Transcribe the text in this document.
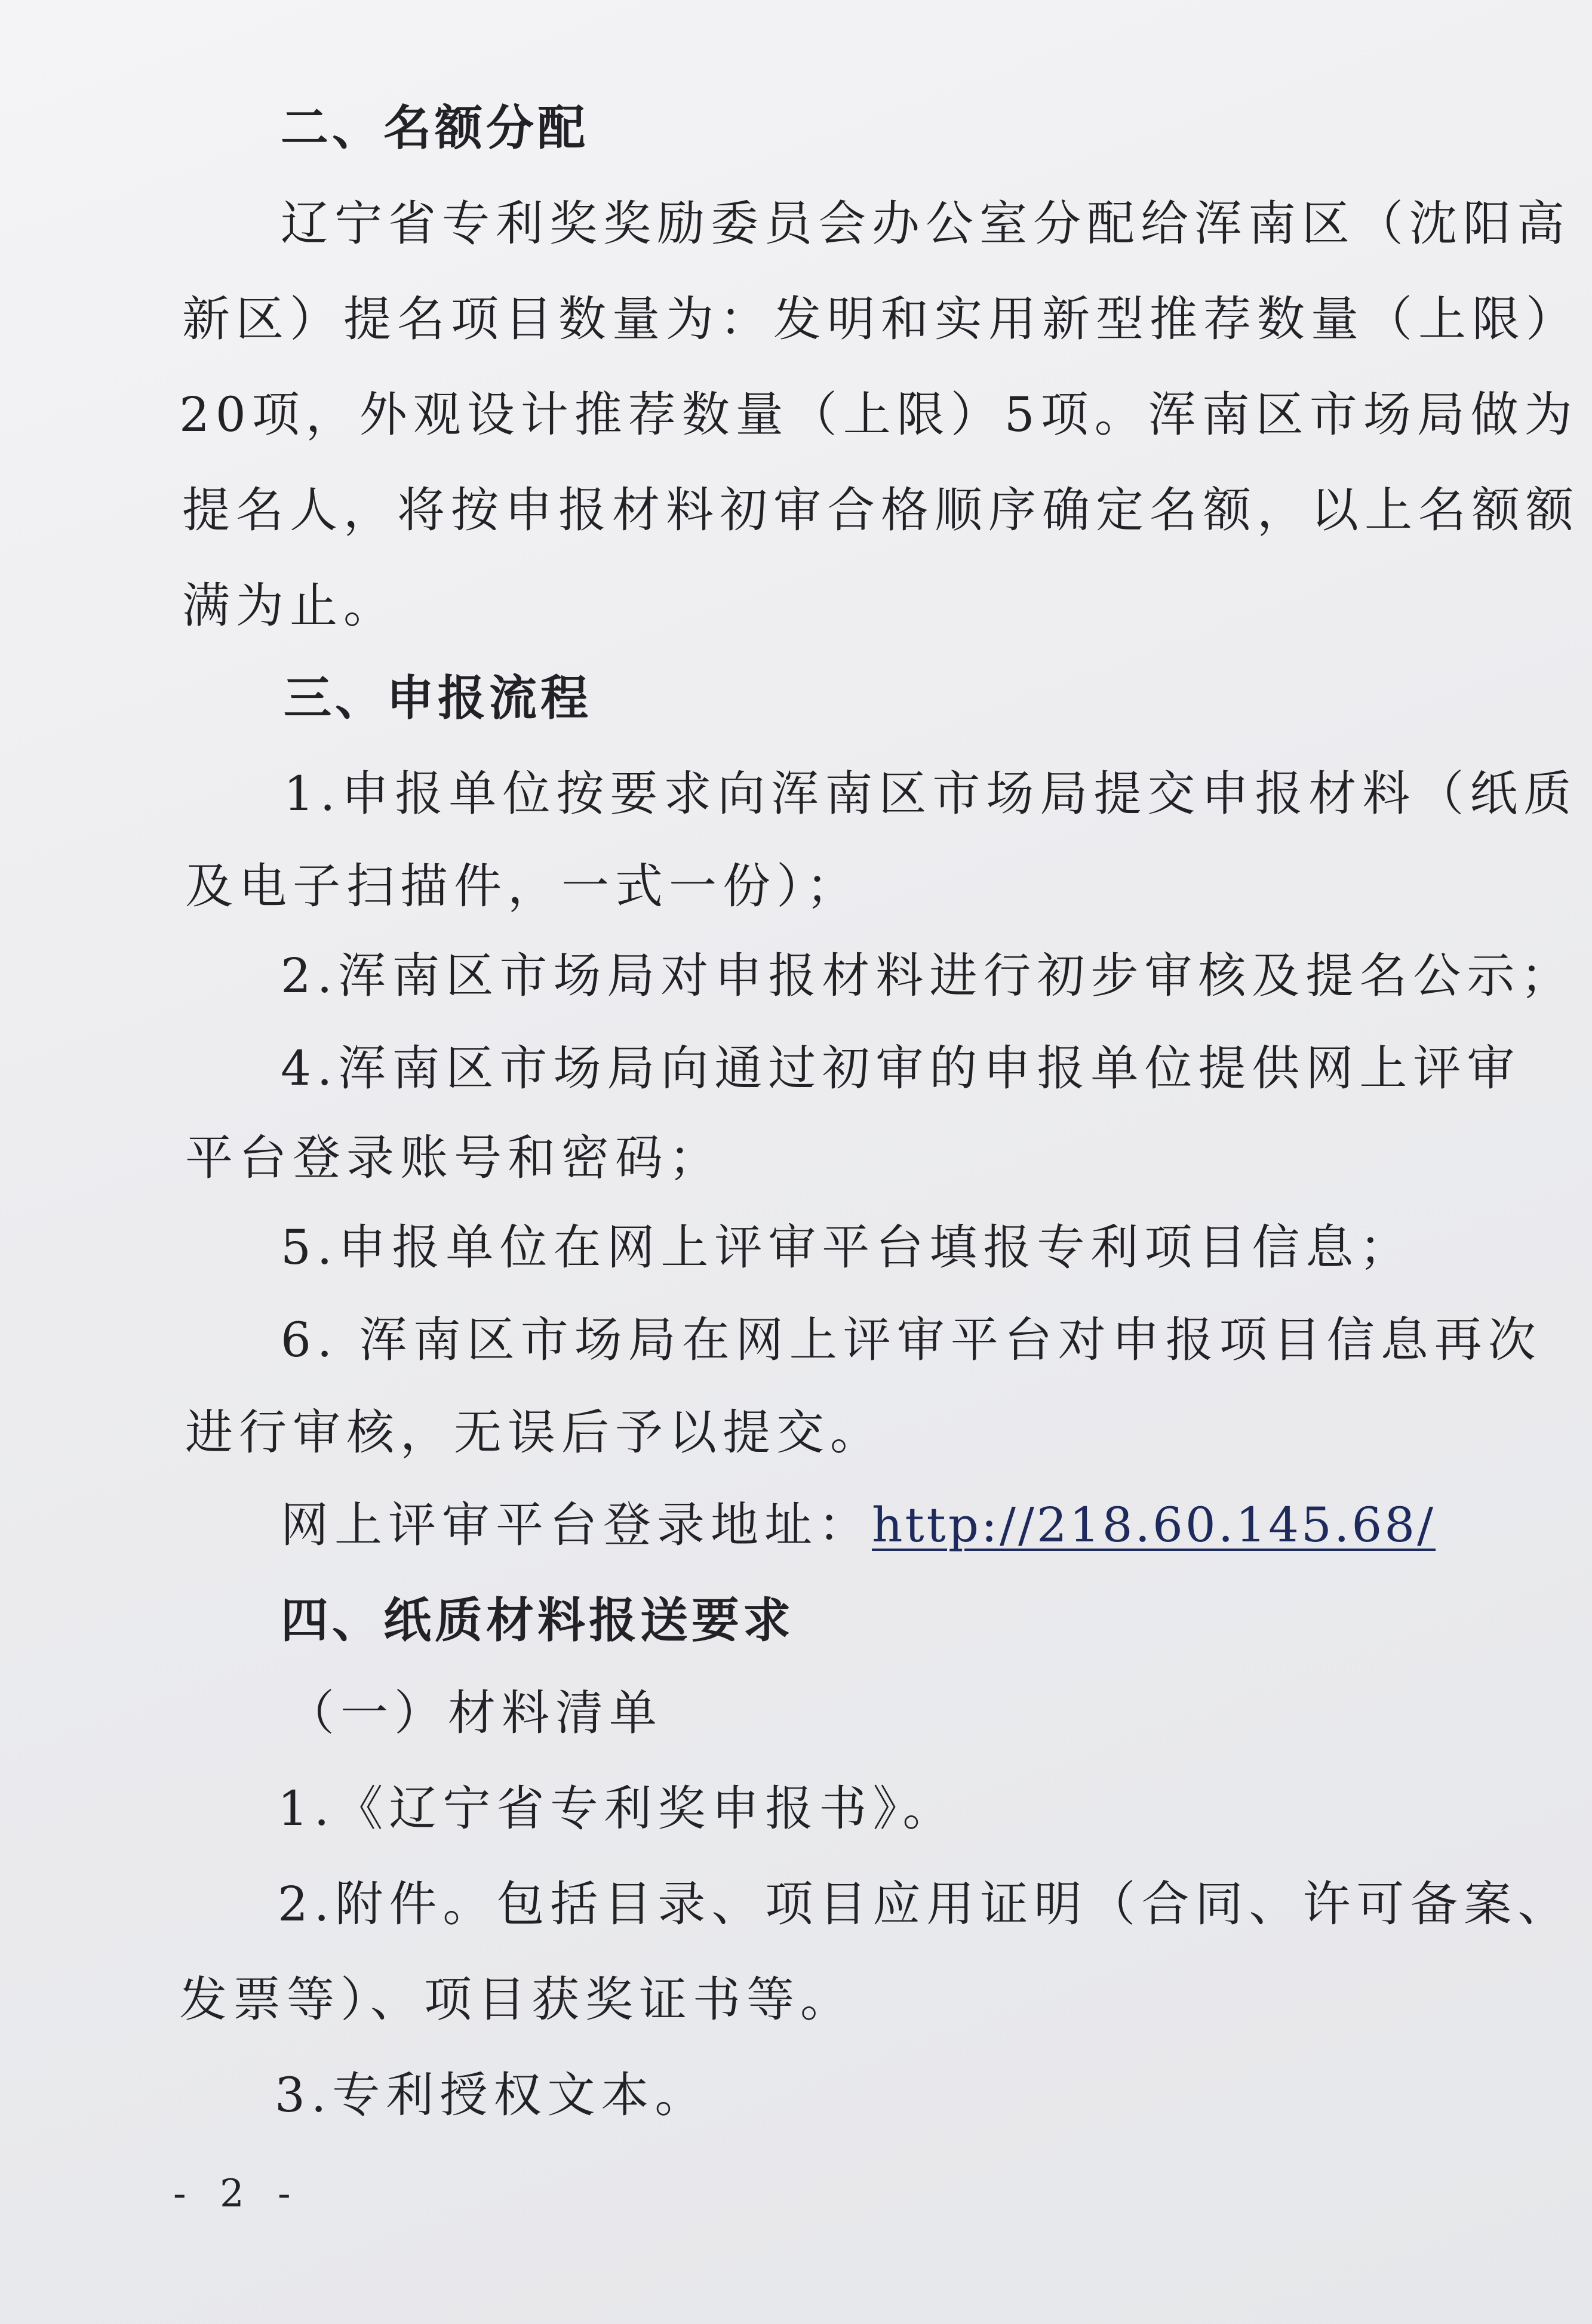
二、名额分配
辽宁省专利奖奖励委员会办公室分配给浑南区（沈阳高
新区）提名项目数量为：发明和实用新型推荐数量（上限）
20项，外观设计推荐数量（上限）5项。浑南区市场局做为
提名人，将按申报材料初审合格顺序确定名额，以上名额额
满为止。
三、申报流程
1.申报单位按要求向浑南区市场局提交申报材料（纸质
及电子扫描件，一式一份）；
2.浑南区市场局对申报材料进行初步审核及提名公示；
4.浑南区市场局向通过初审的申报单位提供网上评审
平台登录账号和密码；
5.申报单位在网上评审平台填报专利项目信息；
6. 浑南区市场局在网上评审平台对申报项目信息再次
进行审核，无误后予以提交。
网上评审平台登录地址：http://218.60.145.68/
四、纸质材料报送要求
（一）材料清单
1.《辽宁省专利奖申报书》。
2.附件。包括目录、项目应用证明（合同、许可备案、
发票等）、项目获奖证书等。
3.专利授权文本。
- 2 -
